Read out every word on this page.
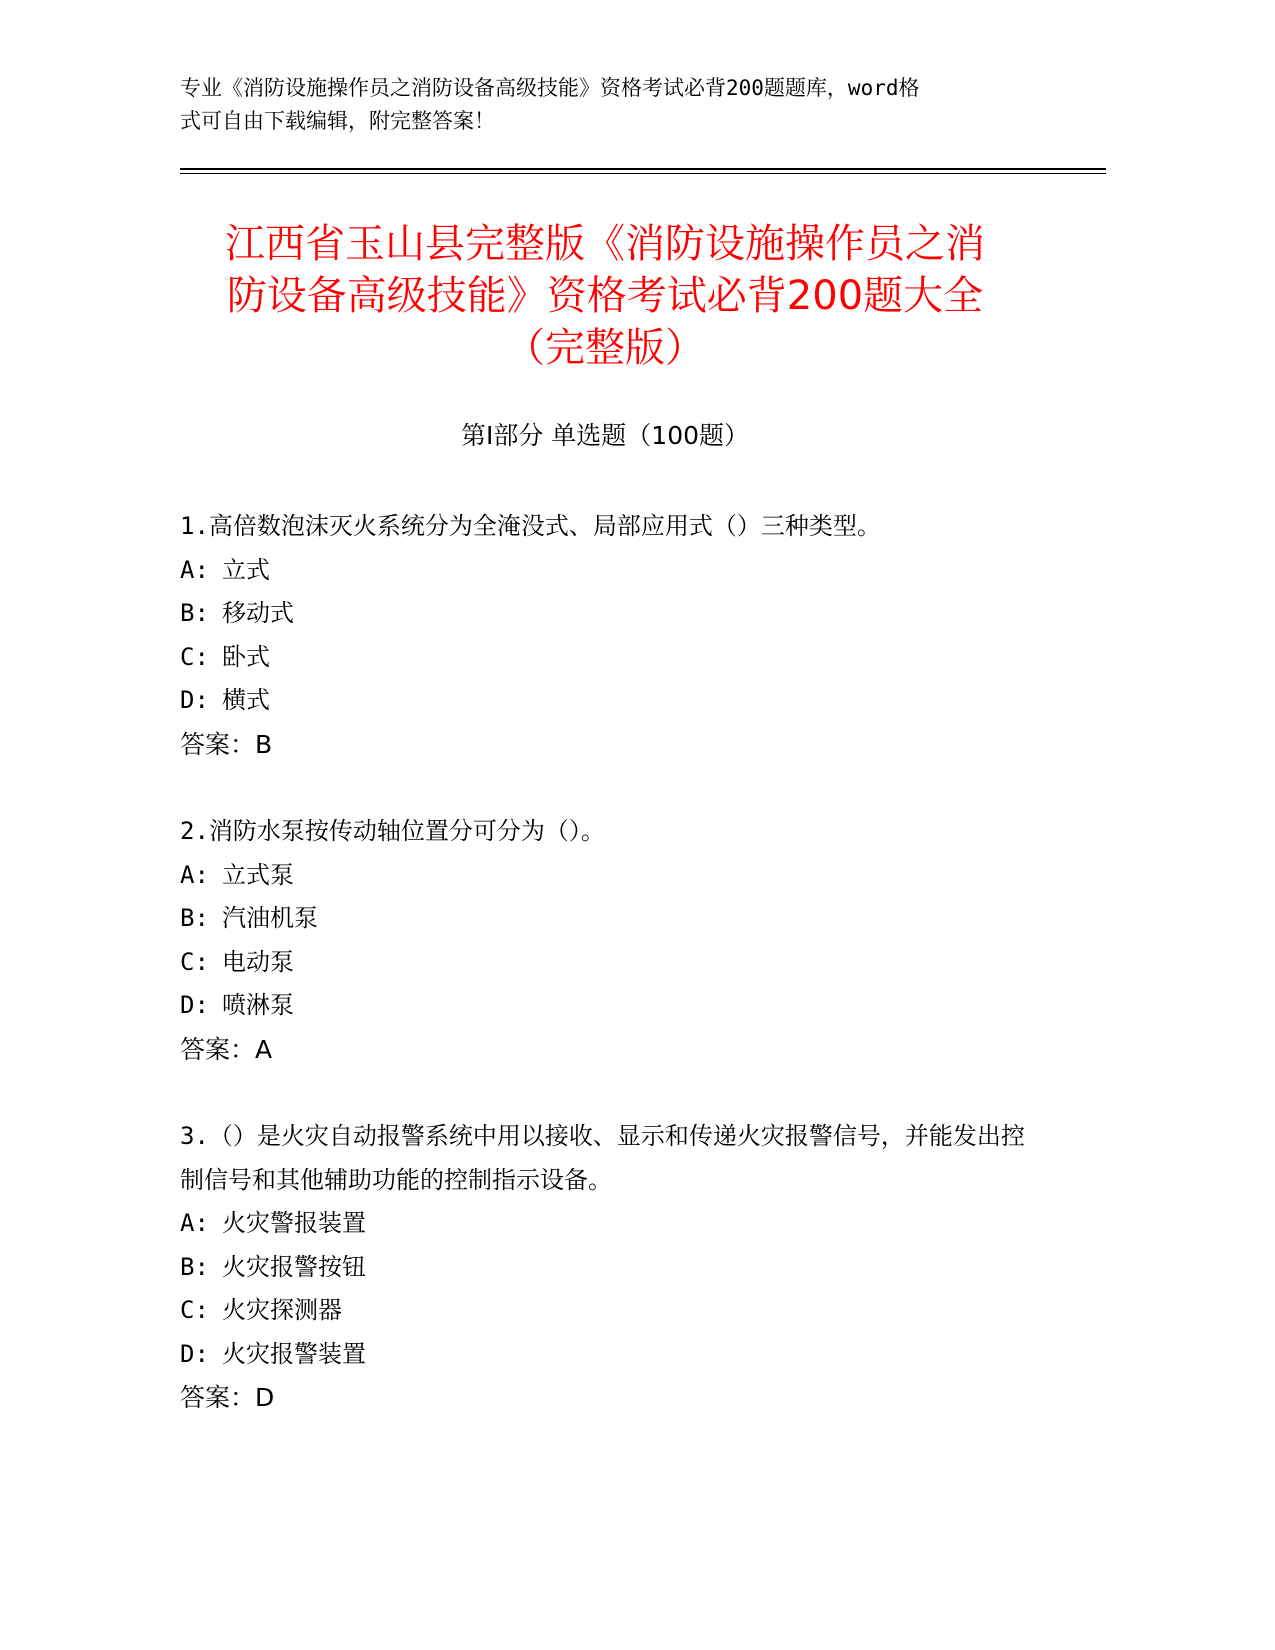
专业《消防设施操作员之消防设备高级技能》资格考试必背200题题库，word格
式可自由下载编辑，附完整答案！
江西省玉山县完整版《消防设施操作员之消
防设备高级技能》资格考试必背200题大全
（完整版）
第Ⅰ部分 单选题（100题）
1.高倍数泡沫灭火系统分为全淹没式、局部应用式（）三种类型。
A: 立式
B: 移动式
C: 卧式
D: 横式
答案：B
2.消防水泵按传动轴位置分可分为（）。
A: 立式泵
B: 汽油机泵
C: 电动泵
D: 喷淋泵
答案：A
3.（）是火灾自动报警系统中用以接收、显示和传递火灾报警信号，并能发出控制信号和其他辅助功能的控制指示设备。
A: 火灾警报装置
B: 火灾报警按钮
C: 火灾探测器
D: 火灾报警装置
答案：D
